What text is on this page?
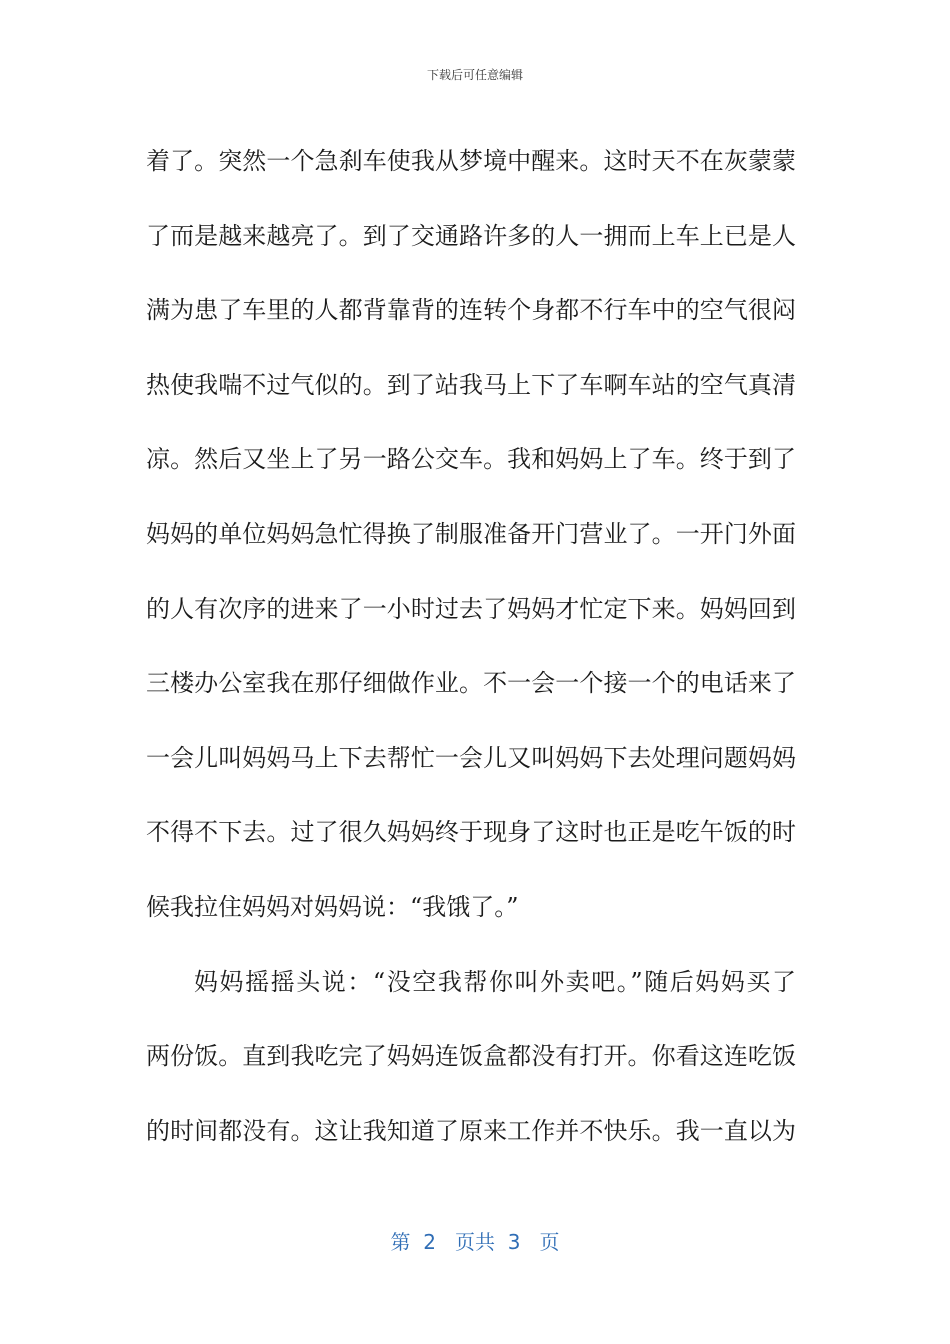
下载后可任意编辑
着了。突然一个急刹车使我从梦境中醒来。这时天不在灰蒙蒙
了而是越来越亮了。到了交通路许多的人一拥而上车上已是人
满为患了车里的人都背靠背的连转个身都不行车中的空气很闷
热使我喘不过气似的。到了站我马上下了车啊车站的空气真清
凉。然后又坐上了另一路公交车。我和妈妈上了车。终于到了
妈妈的单位妈妈急忙得换了制服准备开门营业了。一开门外面
的人有次序的进来了一小时过去了妈妈才忙定下来。妈妈回到
三楼办公室我在那仔细做作业。不一会一个接一个的电话来了
一会儿叫妈妈马上下去帮忙一会儿又叫妈妈下去处理问题妈妈
不得不下去。过了很久妈妈终于现身了这时也正是吃午饭的时
候我拉住妈妈对妈妈说：“我饿了。”
妈妈摇摇头说：“没空我帮你叫外卖吧。”随后妈妈买了
两份饭。直到我吃完了妈妈连饭盒都没有打开。你看这连吃饭
的时间都没有。这让我知道了原来工作并不快乐。我一直以为
第  2   页共  3   页
